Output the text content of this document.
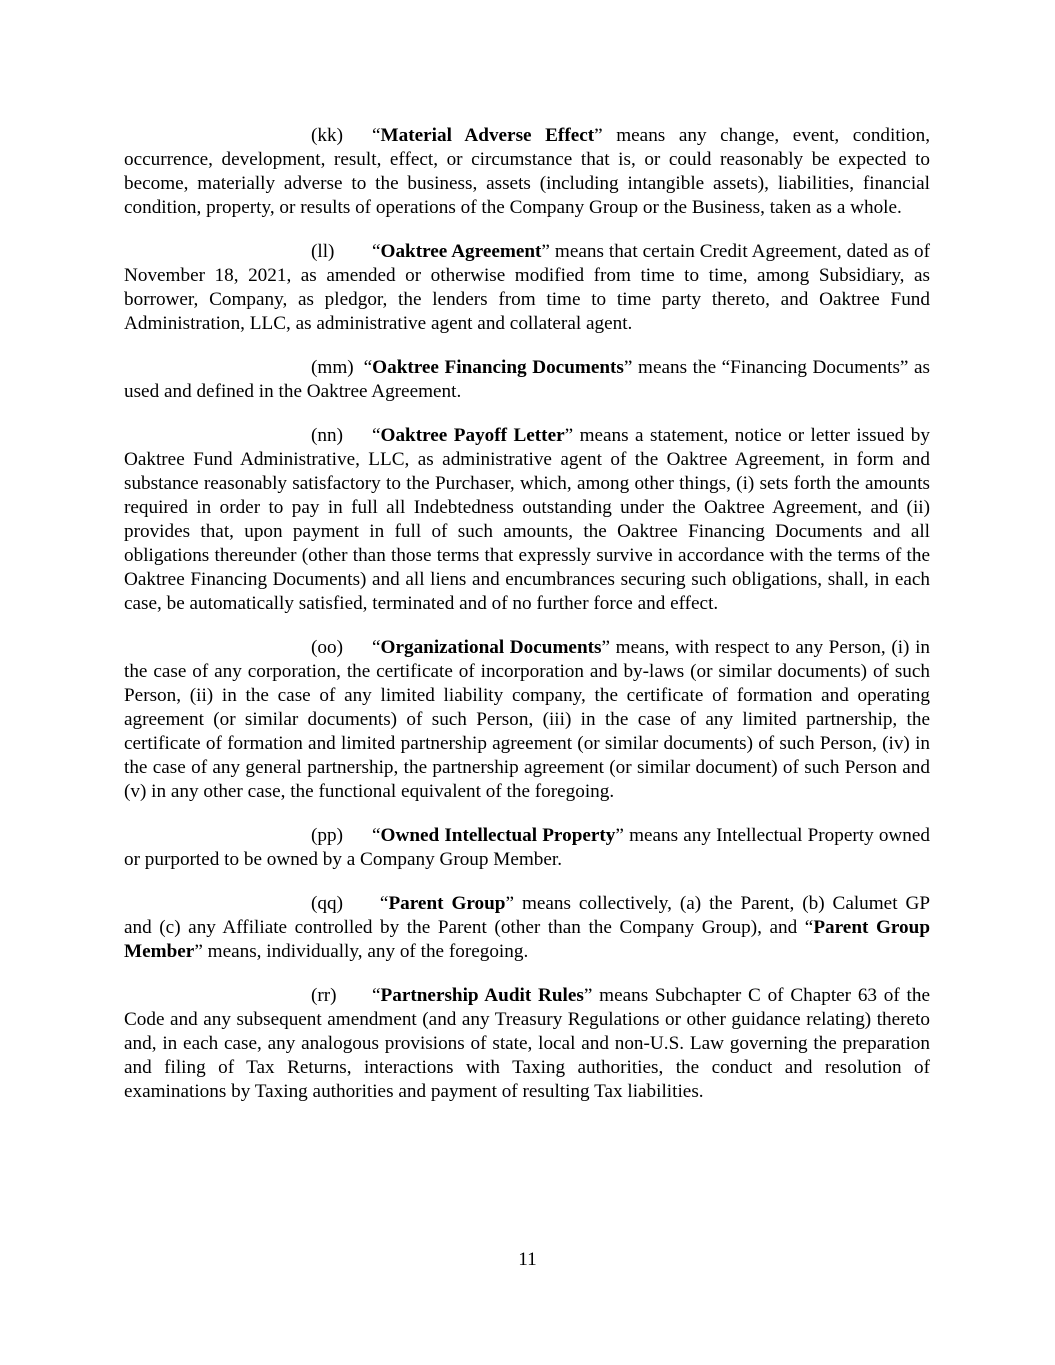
(kk) “Material Adverse Effect” means any change, event, condition, occurrence, development, result, effect, or circumstance that is, or could reasonably be expected to become, materially adverse to the business, assets (including intangible assets), liabilities, financial condition, property, or results of operations of the Company Group or the Business, taken as a whole.

(ll) “Oaktree Agreement” means that certain Credit Agreement, dated as of November 18, 2021, as amended or otherwise modified from time to time, among Subsidiary, as borrower, Company, as pledgor, the lenders from time to time party thereto, and Oaktree Fund Administration, LLC, as administrative agent and collateral agent.

(mm) “Oaktree Financing Documents” means the “Financing Documents” as used and defined in the Oaktree Agreement.

(nn) “Oaktree Payoff Letter” means a statement, notice or letter issued by Oaktree Fund Administrative, LLC, as administrative agent of the Oaktree Agreement, in form and substance reasonably satisfactory to the Purchaser, which, among other things, (i) sets forth the amounts required in order to pay in full all Indebtedness outstanding under the Oaktree Agreement, and (ii) provides that, upon payment in full of such amounts, the Oaktree Financing Documents and all obligations thereunder (other than those terms that expressly survive in accordance with the terms of the Oaktree Financing Documents) and all liens and encumbrances securing such obligations, shall, in each case, be automatically satisfied, terminated and of no further force and effect.

(oo) “Organizational Documents” means, with respect to any Person, (i) in the case of any corporation, the certificate of incorporation and by-laws (or similar documents) of such Person, (ii) in the case of any limited liability company, the certificate of formation and operating agreement (or similar documents) of such Person, (iii) in the case of any limited partnership, the certificate of formation and limited partnership agreement (or similar documents) of such Person, (iv) in the case of any general partnership, the partnership agreement (or similar document) of such Person and (v) in any other case, the functional equivalent of the foregoing.

(pp) “Owned Intellectual Property” means any Intellectual Property owned or purported to be owned by a Company Group Member.

(qq) “Parent Group” means collectively, (a) the Parent, (b) Calumet GP and (c) any Affiliate controlled by the Parent (other than the Company Group), and “Parent Group Member” means, individually, any of the foregoing.

(rr) “Partnership Audit Rules” means Subchapter C of Chapter 63 of the Code and any subsequent amendment (and any Treasury Regulations or other guidance relating) thereto and, in each case, any analogous provisions of state, local and non-U.S. Law governing the preparation and filing of Tax Returns, interactions with Taxing authorities, the conduct and resolution of examinations by Taxing authorities and payment of resulting Tax liabilities.

11
